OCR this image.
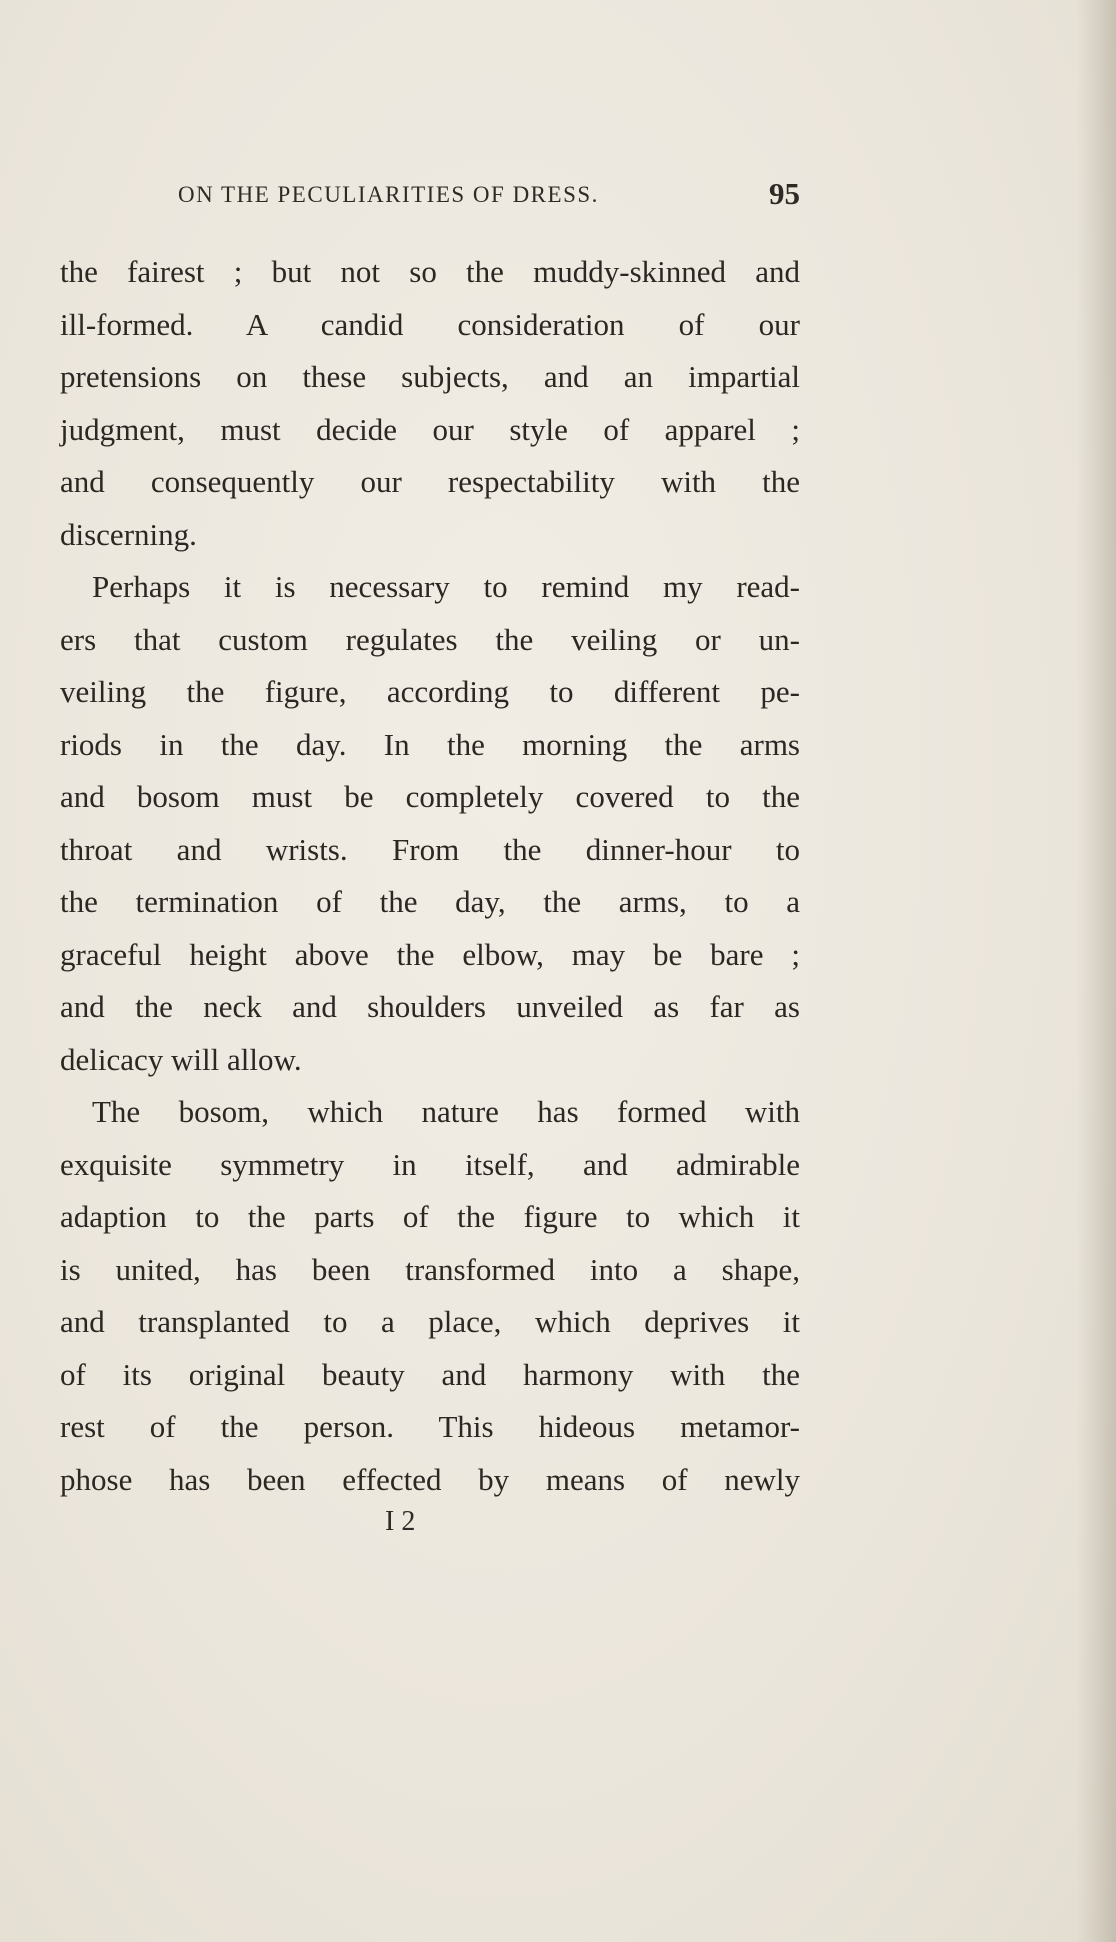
ON THE PECULIARITIES OF DRESS.	95
the fairest ; but not so the muddy-skinned and
ill-formed. A candid consideration of our
pretensions on these subjects, and an impartial
judgment, must decide our style of apparel ;
and consequently our respectability with the
discerning.
Perhaps it is necessary to remind my read-
ers that custom regulates the veiling or un-
veiling the figure, according to different pe-
riods in the day. In the morning the arms
and bosom must be completely covered to the
throat and wrists. From the dinner-hour to
the termination of the day, the arms, to a
graceful height above the elbow, may be bare ;
and the neck and shoulders unveiled as far as
delicacy will allow.
The bosom, which nature has formed with
exquisite symmetry in itself, and admirable
adaption to the parts of the figure to which it
is united, has been transformed into a shape,
and transplanted to a place, which deprives it
of its original beauty and harmony with the
rest of the person. This hideous metamor-
phose has been effected by means of newly
I 2
